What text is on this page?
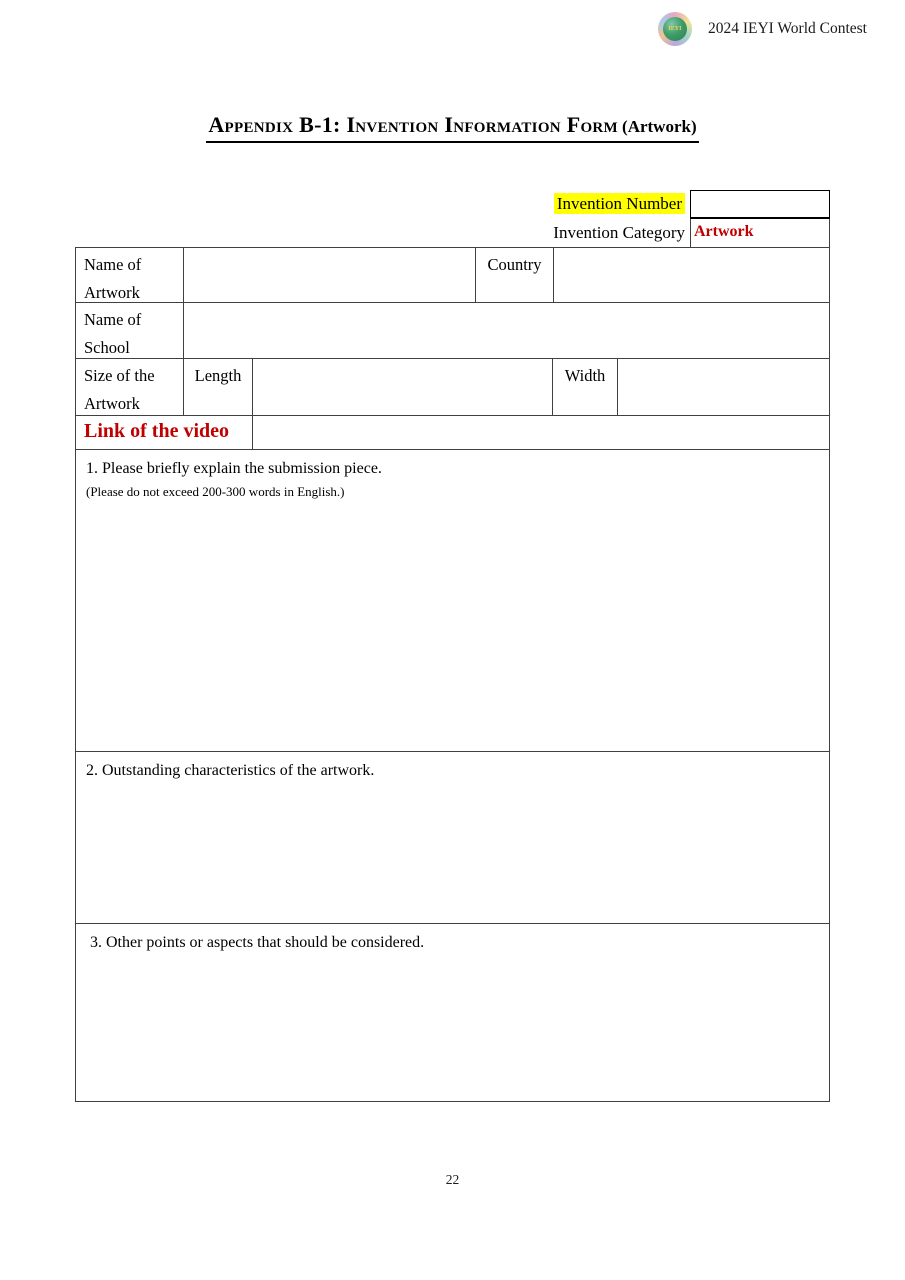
IEYI 2024 IEYI World Contest
Appendix B-1: Invention Information Form (Artwork)
Invention Number
Invention Category Artwork
Name of Artwork
Country
Name of School
Size of the Artwork
Length	Width
Link of the video
1. Please briefly explain the submission piece.
(Please do not exceed 200-300 words in English.)
2. Outstanding characteristics of the artwork.
3. Other points or aspects that should be considered.
22
